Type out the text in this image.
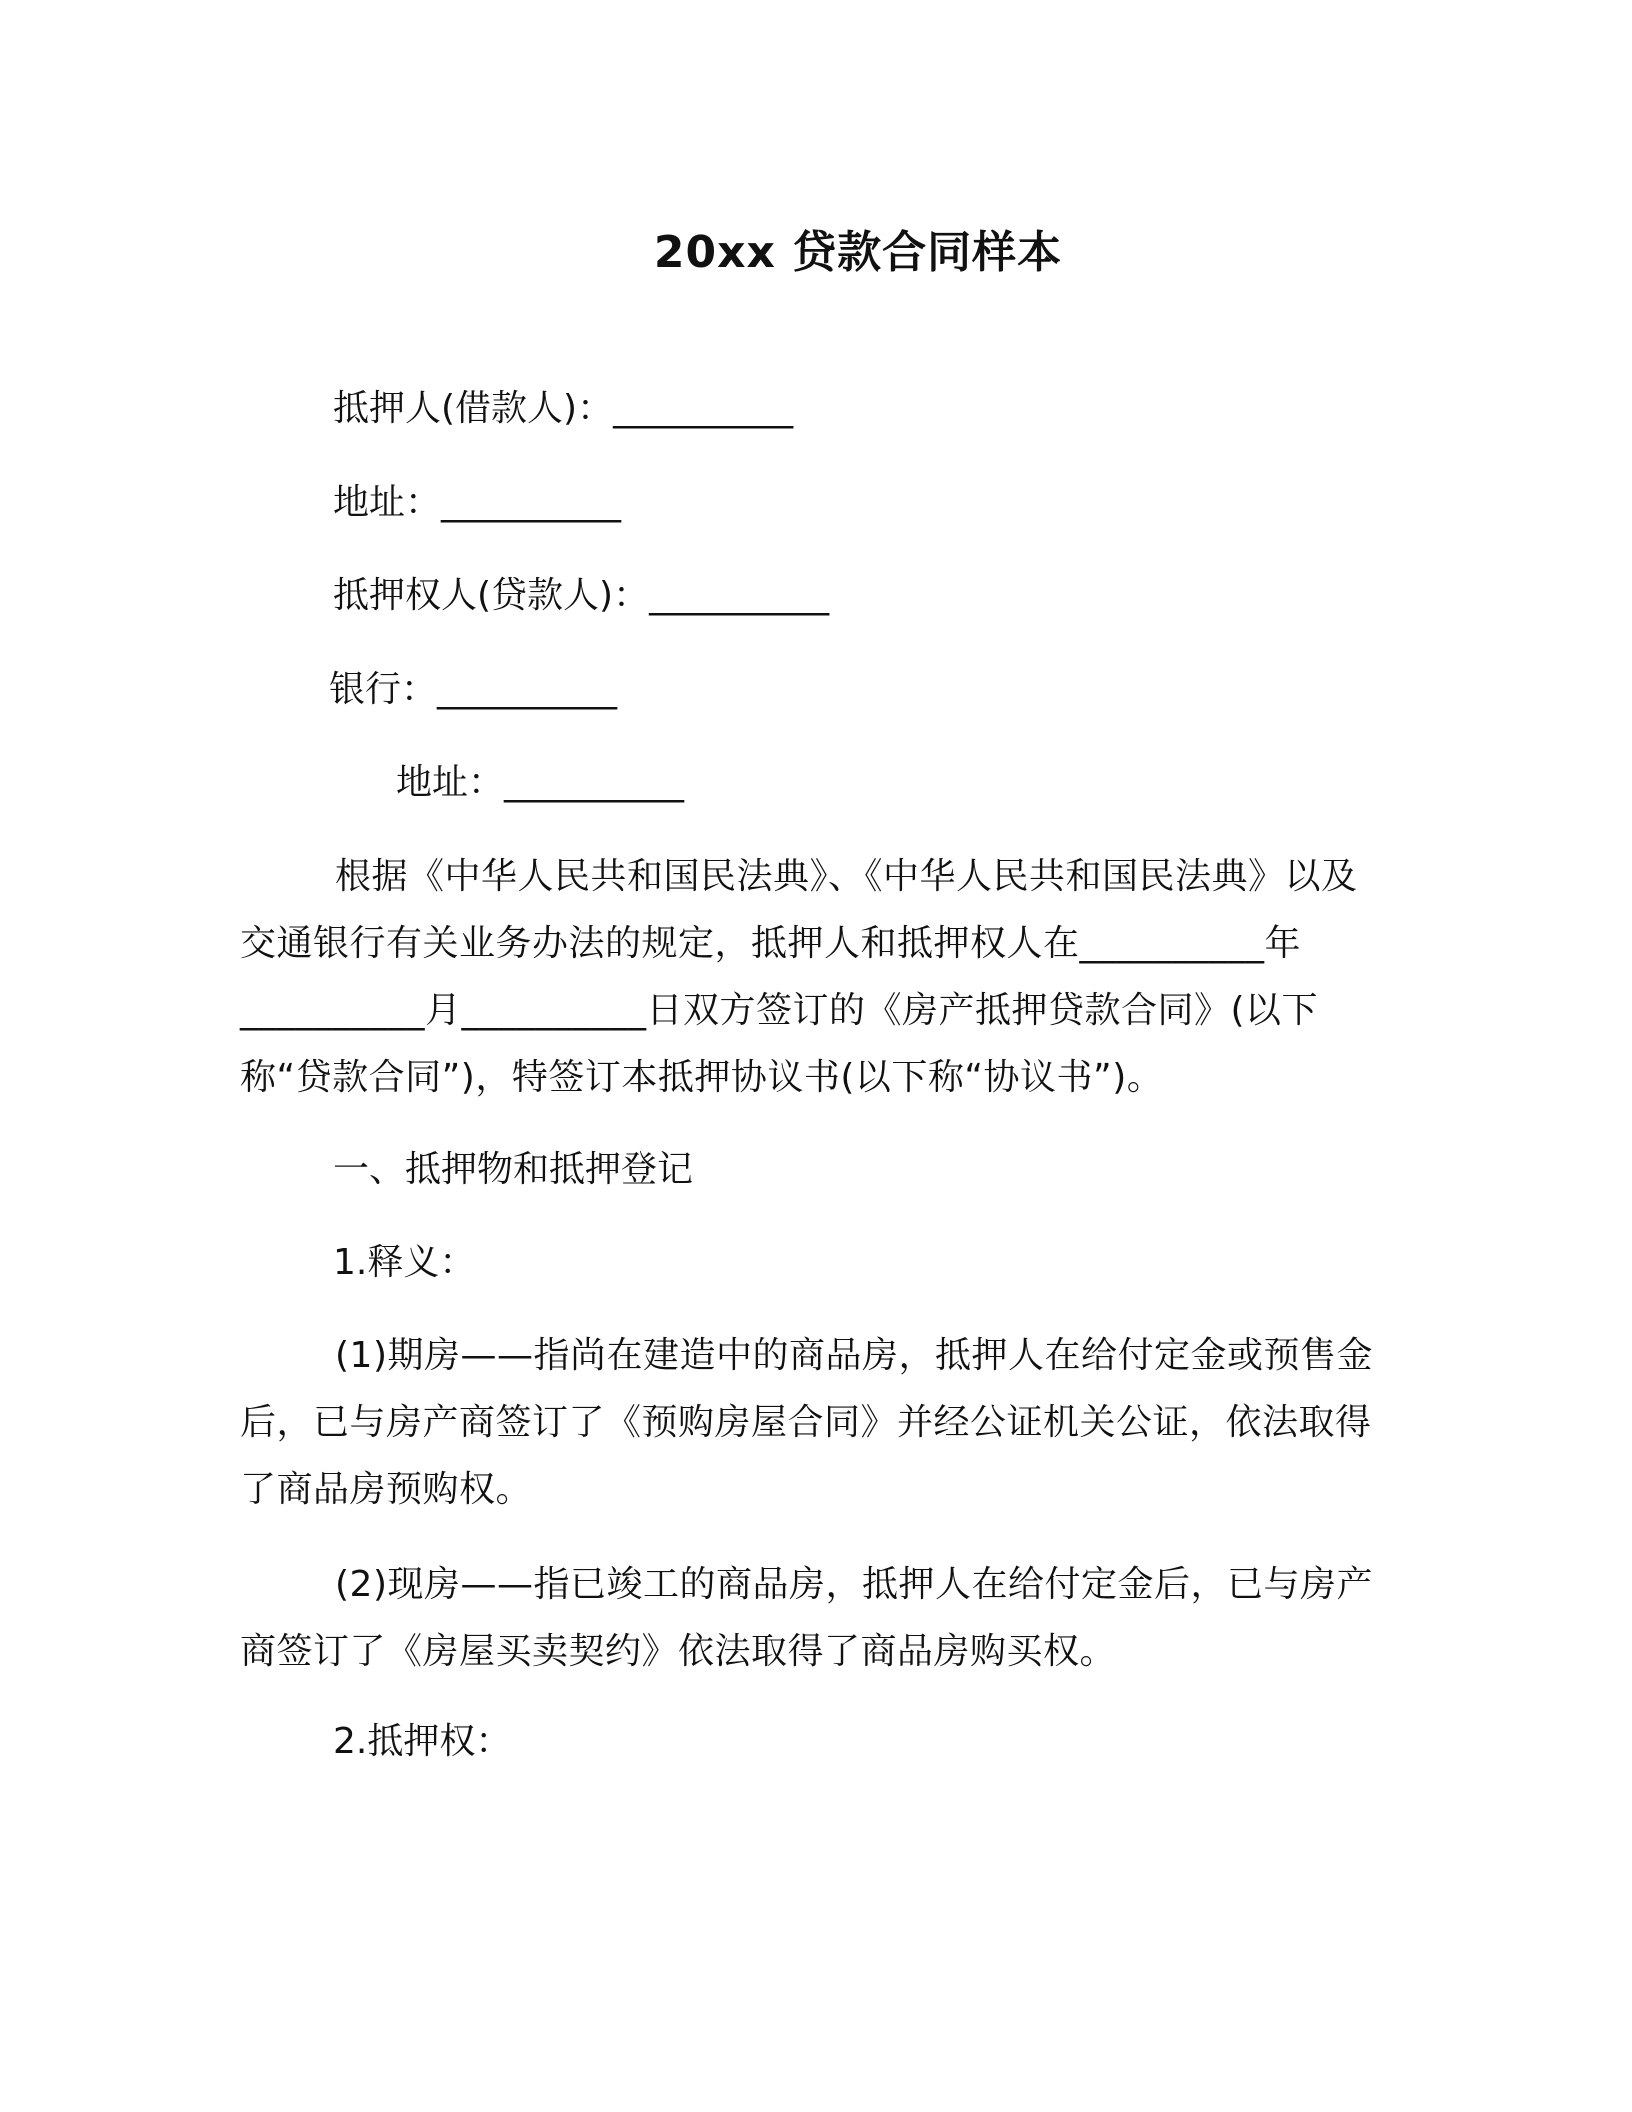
20xx 贷款合同样本
抵押人(借款人)：__________
地址：__________
抵押权人(贷款人)：__________
银行：__________
地址：__________
根据《中华人民共和国民法典》、《中华人民共和国民法典》以及交通银行有关业务办法的规定，抵押人和抵押权人在__________年__________月__________日双方签订的《房产抵押贷款合同》(以下称“贷款合同”)，特签订本抵押协议书(以下称“协议书”)。
一、抵押物和抵押登记
1.释义：
(1)期房——指尚在建造中的商品房，抵押人在给付定金或预售金后，已与房产商签订了《预购房屋合同》并经公证机关公证，依法取得了商品房预购权。
(2)现房——指已竣工的商品房，抵押人在给付定金后，已与房产商签订了《房屋买卖契约》依法取得了商品房购买权。
2.抵押权：
